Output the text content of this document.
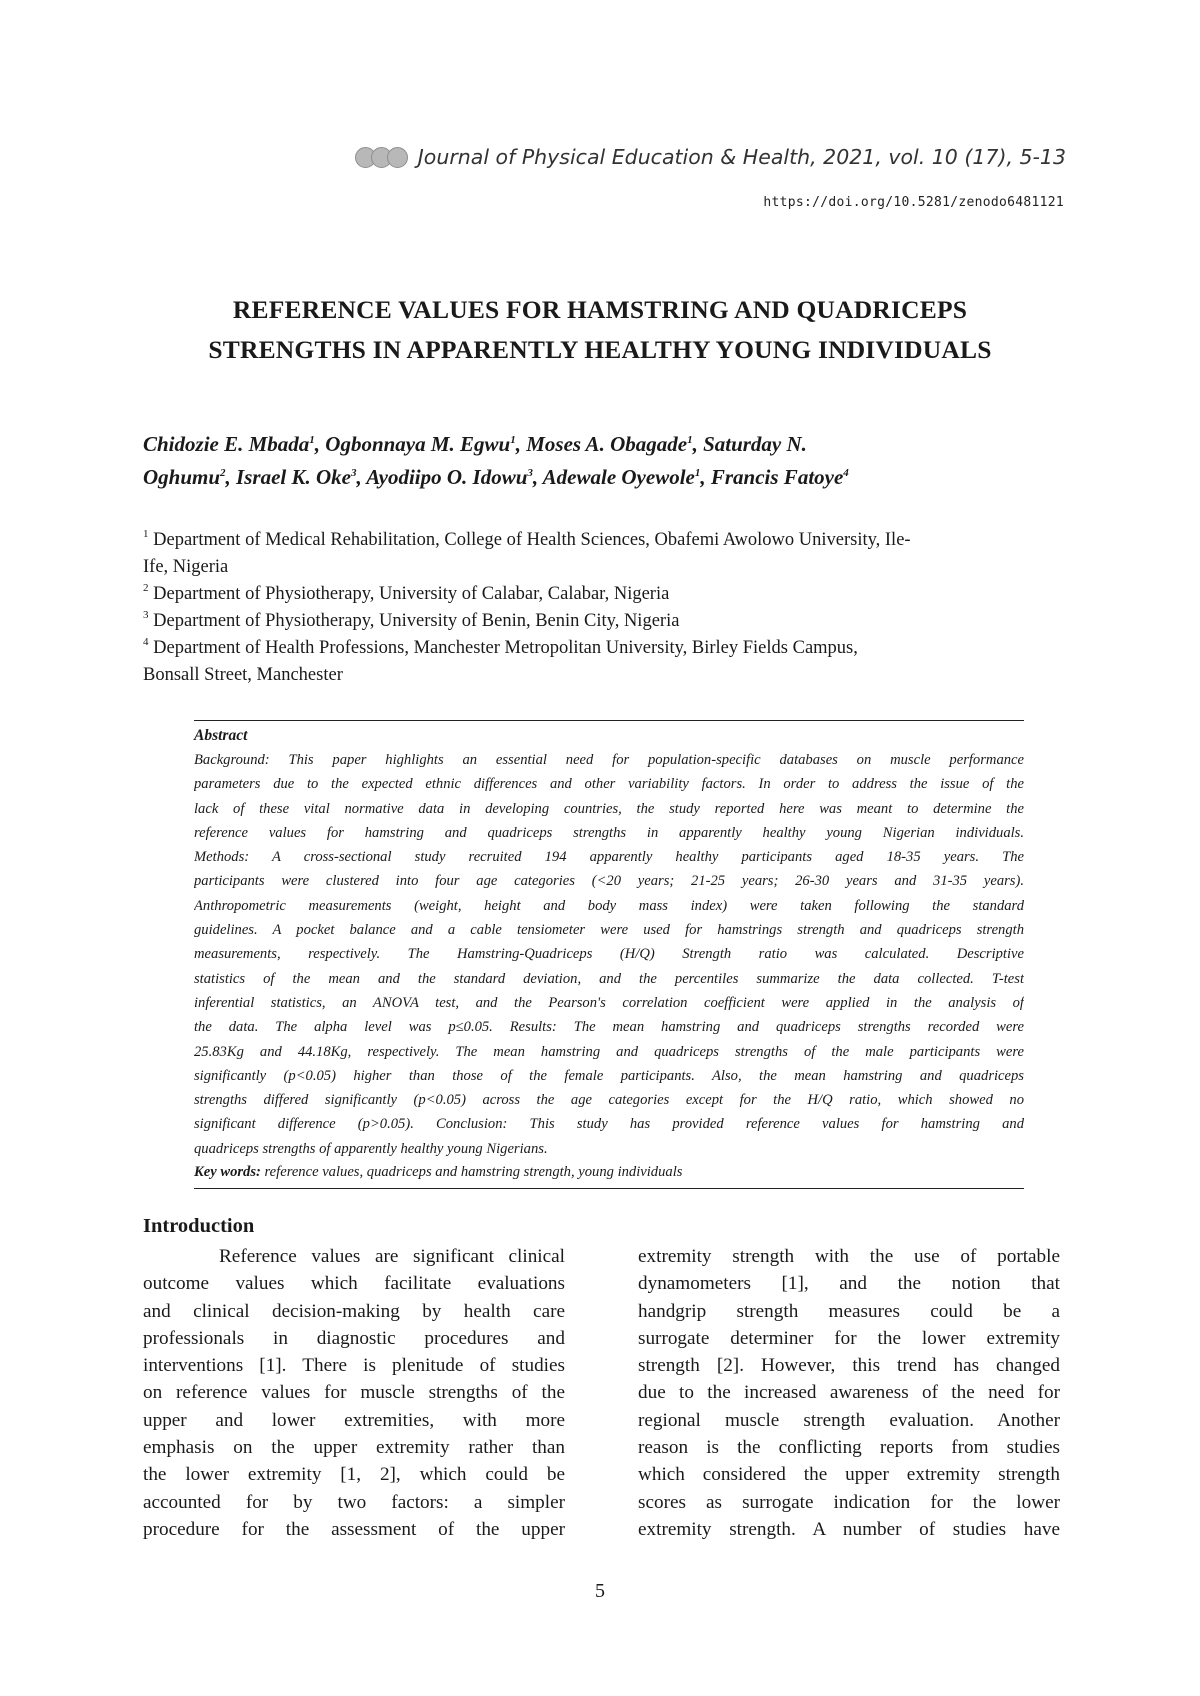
Journal of Physical Education & Health, 2021, vol. 10 (17), 5-13
https://doi.org/10.5281/zenodo6481121
REFERENCE VALUES FOR HAMSTRING AND QUADRICEPS
STRENGTHS IN APPARENTLY HEALTHY YOUNG INDIVIDUALS
Chidozie E. Mbada$^1$, Ogbonnaya M. Egwu$^1$, Moses A. Obagade$^1$, Saturday N.
Oghumu$^2$, Israel K. Oke$^3$, Ayodiipo O. Idowu$^3$, Adewale Oyewole$^1$, Francis Fatoye$^4$
$^1$ Department of Medical Rehabilitation, College of Health Sciences, Obafemi Awolowo University, Ile-
Ife, Nigeria
$^2$ Department of Physiotherapy, University of Calabar, Calabar, Nigeria
$^3$ Department of Physiotherapy, University of Benin, Benin City, Nigeria
$^4$ Department of Health Professions, Manchester Metropolitan University, Birley Fields Campus,
Bonsall Street, Manchester
Abstract
Background: This paper highlights an essential need for population-specific databases on muscle performance
parameters due to the expected ethnic differences and other variability factors. In order to address the issue of the
lack of these vital normative data in developing countries, the study reported here was meant to determine the
reference values for hamstring and quadriceps strengths in apparently healthy young Nigerian individuals.
Methods: A cross-sectional study recruited 194 apparently healthy participants aged 18-35 years. The
participants were clustered into four age categories (<20 years; 21-25 years; 26-30 years and 31-35 years).
Anthropometric measurements (weight, height and body mass index) were taken following the standard
guidelines. A pocket balance and a cable tensiometer were used for hamstrings strength and quadriceps strength
measurements, respectively. The Hamstring-Quadriceps (H/Q) Strength ratio was calculated. Descriptive
statistics of the mean and the standard deviation, and the percentiles summarize the data collected. T-test
inferential statistics, an ANOVA test, and the Pearson's correlation coefficient were applied in the analysis of
the data. The alpha level was p≤0.05. Results: The mean hamstring and quadriceps strengths recorded were
25.83Kg and 44.18Kg, respectively. The mean hamstring and quadriceps strengths of the male participants were
significantly (p<0.05) higher than those of the female participants. Also, the mean hamstring and quadriceps
strengths differed significantly (p<0.05) across the age categories except for the H/Q ratio, which showed no
significant difference (p>0.05). Conclusion: This study has provided reference values for hamstring and
quadriceps strengths of apparently healthy young Nigerians.
Key words: reference values, quadriceps and hamstring strength, young individuals
Introduction
Reference values are significant clinical
outcome values which facilitate evaluations
and clinical decision-making by health care
professionals in diagnostic procedures and
interventions [1]. There is plenitude of studies
on reference values for muscle strengths of the
upper and lower extremities, with more
emphasis on the upper extremity rather than
the lower extremity [1, 2], which could be
accounted for by two factors: a simpler
procedure for the assessment of the upper
extremity strength with the use of portable
dynamometers [1], and the notion that
handgrip strength measures could be a
surrogate determiner for the lower extremity
strength [2]. However, this trend has changed
due to the increased awareness of the need for
regional muscle strength evaluation. Another
reason is the conflicting reports from studies
which considered the upper extremity strength
scores as surrogate indication for the lower
extremity strength. A number of studies have
5
